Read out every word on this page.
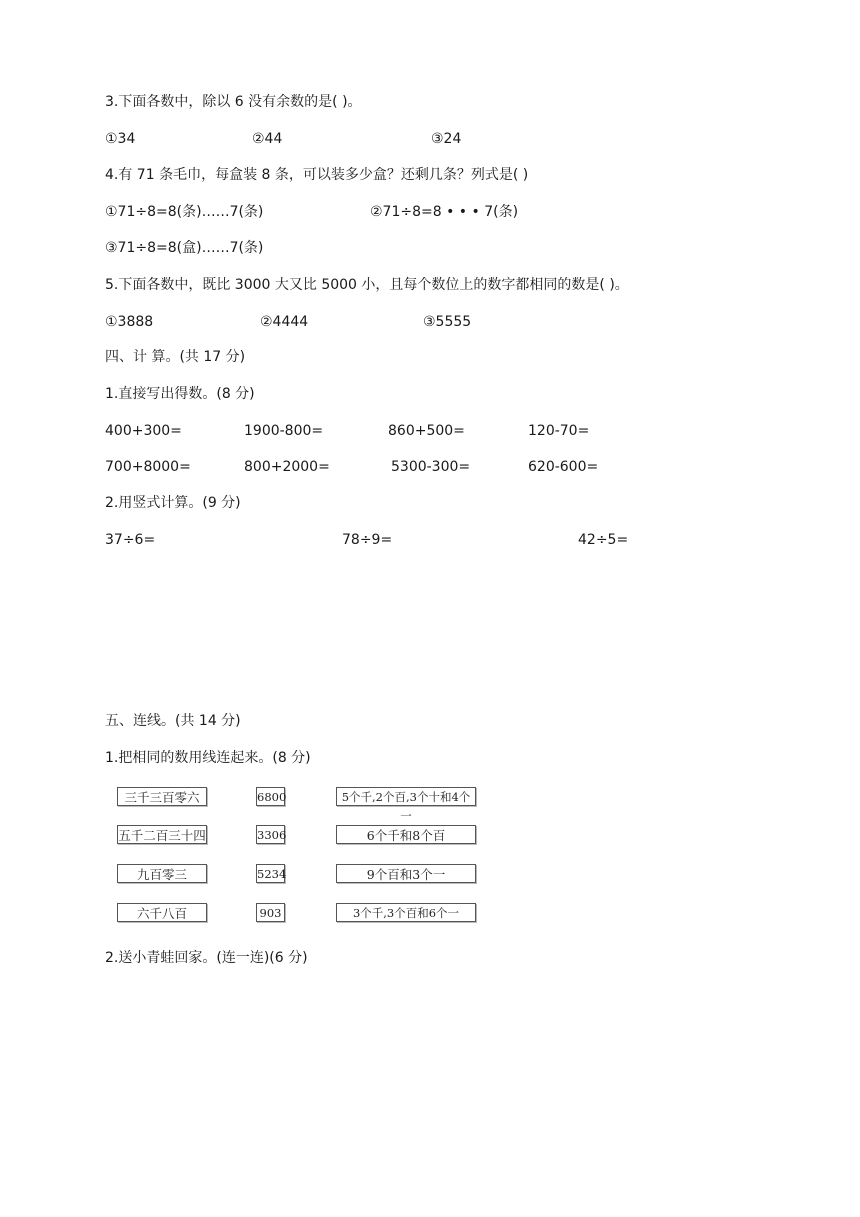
3.下面各数中，除以 6 没有余数的是( )。
①34	②44	③24
4.有 71 条毛巾，每盒装 8 条，可以装多少盒？还剩几条？列式是( )
①71÷8=8(条)……7(条)	②71÷8=8 • • • 7(条)
③71÷8=8(盒)……7(条)
5.下面各数中，既比 3000 大又比 5000 小，且每个数位上的数字都相同的数是( )。
①3888	②4444	③5555
四、计 算。(共 17 分)
1.直接写出得数。(8 分)
400+300=	1900-800=	860+500=	120-70=
700+8000=	800+2000=	5300-300=	620-600=
2.用竖式计算。(9 分)
37÷6=	78÷9=	42÷5=
五、连线。(共 14 分)
1.把相同的数用线连起来。(8 分)
三千三百零六
五千二百三十四
九百零三
六千八百
6800
3306
5234
903
5个千,2个百,3个十和4个一
6个千和8个百
9个百和3个一
3个千,3个百和6个一
2.送小青蛙回家。(连一连)(6 分)
